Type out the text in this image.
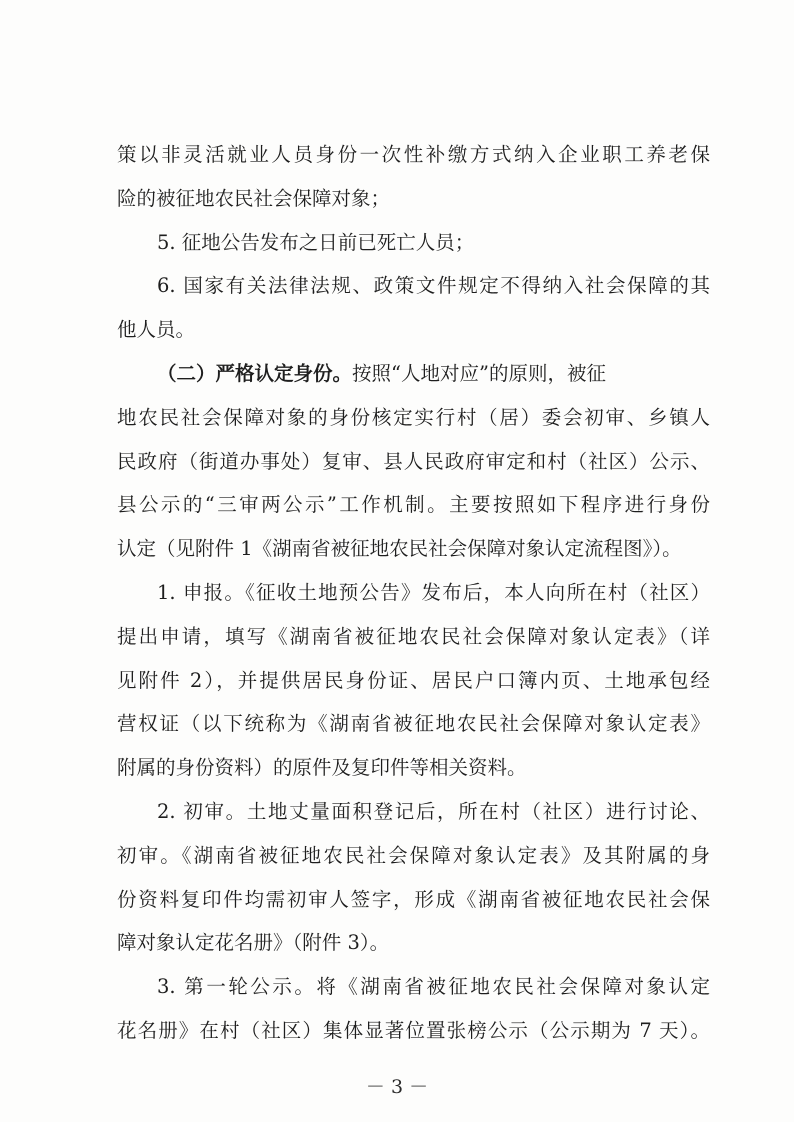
策以非灵活就业人员身份一次性补缴方式纳入企业职工养老保
险的被征地农民社会保障对象；
5. 征地公告发布之日前已死亡人员；
6. 国家有关法律法规、政策文件规定不得纳入社会保障的其
他人员。
（二）严格认定身份。按照“人地对应”的原则，被征
地农民社会保障对象的身份核定实行村（居）委会初审、乡镇人
民政府（街道办事处）复审、县人民政府审定和村（社区）公示、
县公示的“三审两公示”工作机制。主要按照如下程序进行身份
认定（见附件 1《湖南省被征地农民社会保障对象认定流程图》）。
1. 申报。《征收土地预公告》发布后，本人向所在村（社区）
提出申请，填写《湖南省被征地农民社会保障对象认定表》（详
见附件 2），并提供居民身份证、居民户口簿内页、土地承包经
营权证（以下统称为《湖南省被征地农民社会保障对象认定表》
附属的身份资料）的原件及复印件等相关资料。
2. 初审。土地丈量面积登记后，所在村（社区）进行讨论、
初审。《湖南省被征地农民社会保障对象认定表》及其附属的身
份资料复印件均需初审人签字，形成《湖南省被征地农民社会保
障对象认定花名册》（附件 3）。
3. 第一轮公示。将《湖南省被征地农民社会保障对象认定
花名册》在村（社区）集体显著位置张榜公示（公示期为 7 天）。
－ 3 －
